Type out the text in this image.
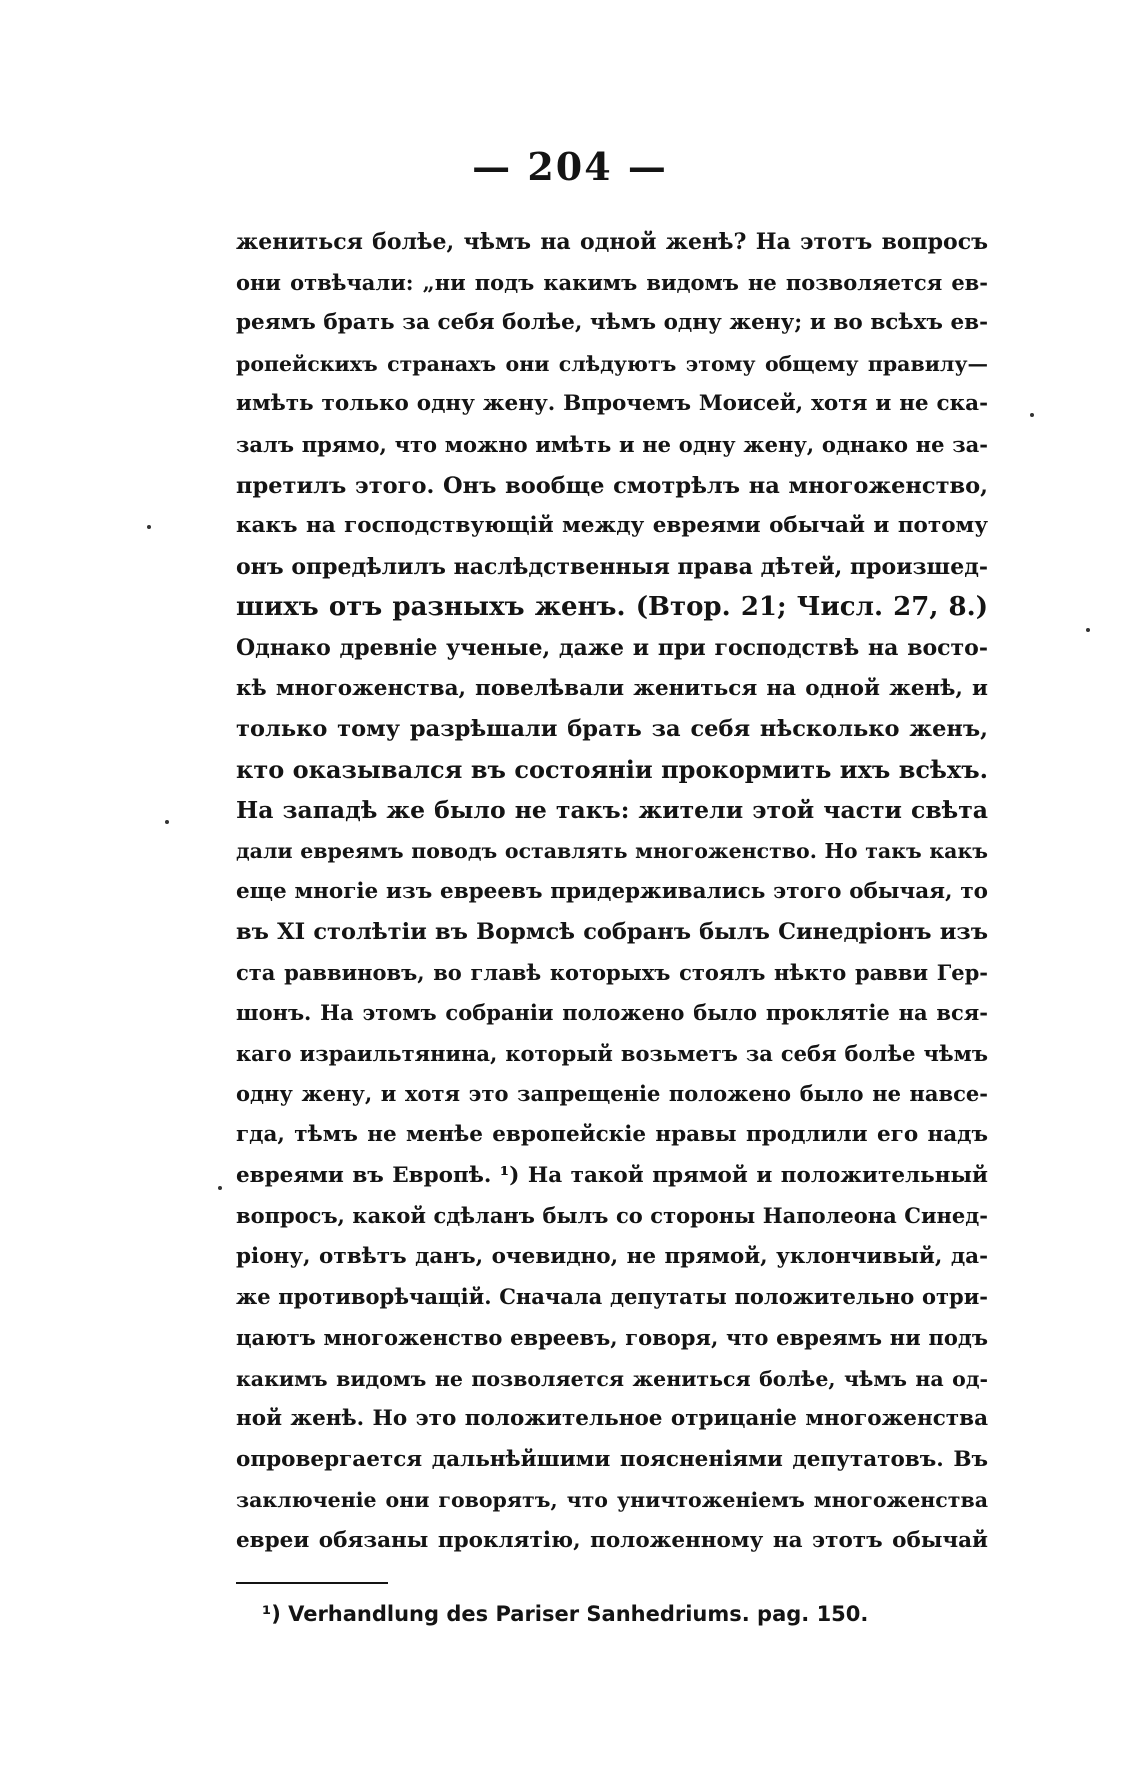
— 204 —
жениться болѣе, чѣмъ на одной женѣ? На этотъ вопросъ
они отвѣчали: „ни подъ какимъ видомъ не позволяется ев-
реямъ брать за себя болѣе, чѣмъ одну жену; и во всѣхъ ев-
ропейскихъ странахъ они слѣдуютъ этому общему правилу—
имѣть только одну жену. Впрочемъ Моисей, хотя и не ска-
залъ прямо, что можно имѣть и не одну жену, однако не за-
претилъ этого. Онъ вообще смотрѣлъ на многоженство,
какъ на господствующій между евреями обычай и потому
онъ опредѣлилъ наслѣдственныя права дѣтей, произшед-
шихъ отъ разныхъ женъ. (Втор. 21; Числ. 27, 8.)
Однако древніе ученые, даже и при господствѣ на восто-
кѣ многоженства, повелѣвали жениться на одной женѣ, и
только тому разрѣшали брать за себя нѣсколько женъ,
кто оказывался въ состояніи прокормить ихъ всѣхъ.
На западѣ же было не такъ: жители этой части свѣта
дали евреямъ поводъ оставлять многоженство. Но такъ какъ
еще многіе изъ евреевъ придерживались этого обычая, то
въ XI столѣтіи въ Вормсѣ собранъ былъ Синедріонъ изъ
ста раввиновъ, во главѣ которыхъ стоялъ нѣкто равви Гер-
шонъ. На этомъ собраніи положено было проклятіе на вся-
каго израильтянина, который возьметъ за себя болѣе чѣмъ
одну жену, и хотя это запрещеніе положено было не навсе-
гда, тѣмъ не менѣе европейскіе нравы продлили его надъ
евреями въ Европѣ. ¹) На такой прямой и положительный
вопросъ, какой сдѣланъ былъ со стороны Наполеона Синед-
ріону, отвѣтъ данъ, очевидно, не прямой, уклончивый, да-
же противорѣчащій. Сначала депутаты положительно отри-
цаютъ многоженство евреевъ, говоря, что евреямъ ни подъ
какимъ видомъ не позволяется жениться болѣе, чѣмъ на од-
ной женѣ. Но это положительное отрицаніе многоженства
опровергается дальнѣйшими поясненіями депутатовъ. Въ
заключеніе они говорятъ, что уничтоженіемъ многоженства
евреи обязаны проклятію, положенному на этотъ обычай
¹) Verhandlung des Pariser Sanhedriums. pag. 150.
